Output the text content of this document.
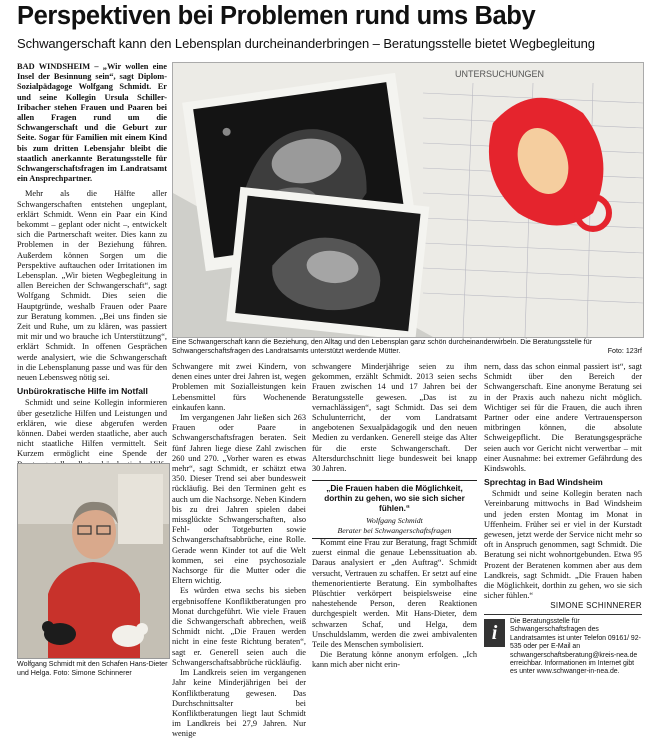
Perspektiven bei Problemen rund ums Baby
Schwangerschaft kann den Lebensplan durcheinanderbringen – Beratungsstelle bietet Wegbegleitung

BAD WINDSHEIM – „Wir wollen eine Insel der Besinnung sein“, sagt Diplom-Sozialpädagoge Wolfgang Schmidt. Er und seine Kollegin Ursula Schiller-Iribacher stehen Frauen und Paaren bei allen Fragen rund um die Schwangerschaft und die Geburt zur Seite. Sogar für Familien mit einem Kind bis zum dritten Lebensjahr bleibt die staatlich anerkannte Beratungsstelle für Schwangerschaftsfragen im Landratsamt ein Ansprechpartner.

Mehr als die Hälfte aller Schwangerschaften entstehen ungeplant, erklärt Schmidt. Wenn ein Paar ein Kind bekommt – geplant oder nicht –, entwickelt sich die Partnerschaft weiter. Dies kann zu Problemen in der Beziehung führen. Außerdem können Sorgen um die Perspektive auftauchen oder Irritationen im Lebensplan. „Wir bieten Wegbegleitung in allen Bereichen der Schwangerschaft“, sagt Wolfgang Schmidt. Dies seien die Hauptgründe, weshalb Frauen oder Paare zur Beratung kommen. „Bei uns finden sie Zeit und Ruhe, um zu klären, was passiert mit mir und wo brauche ich Unterstützung“, erklärt Schmidt. In offenen Gesprächen werde analysiert, wie die Schwangerschaft in die Lebensplanung passe und was für den neuen Lebensweg nötig sei.

Unbürokratische Hilfe im Notfall

Schmidt und seine Kollegin informieren über gesetzliche Hilfen und Leistungen und erklären, wie diese abgerufen werden können. Dabei werden staatliche, aber auch nicht staatliche Hilfen vermittelt. Seit Kurzem ermöglicht eine Spende der

UNTERSUCHUNGEN
Eine Schwangerschaft kann die Beziehung, den Alltag und den Lebensplan ganz schön durcheinanderwirbeln. Die Beratungsstelle für Schwangerschaftsfragen des Landratsamts unterstützt werdende Mütter.	Foto: 123rf

Schwangere mit zwei Kindern, von denen eines unter drei Jahren ist, wegen Problemen mit Sozialleistungen kein Lebensmittel fürs Wochenende einkaufen kann.

Im vergangenen Jahr ließen sich 263 Frauen oder Paare in Schwangerschaftsfragen beraten. Seit fünf Jahren liege diese Zahl zwischen 260 und 270. „Vorher waren es etwas mehr“, sagt Schmidt, er schätzt etwa 350. Dieser Trend sei aber bundesweit rückläufig. Bei den Terminen geht es auch um die Nachsorge. Neben Kindern bis zu drei Jahren spielen dabei missglückte Schwangerschaften, also Fehl- oder Totgeburten sowie Schwangerschaftsabbrüche, eine Rolle. Gerade wenn Kinder tot auf die Welt kommen, sei eine psychosoziale Nachsorge für die Mutter oder die Eltern wichtig.

Es würden etwa sechs bis sieben ergebnisoffene Konfliktberatungen pro Monat durchgeführt. Wie viele Frauen die Schwangerschaft abbrechen, weiß Schmidt nicht. „Die Frauen werden nicht in eine feste Richtung beraten“, sagt er. Generell seien auch die Schwangerschaftsabbrüche rückläufig.

Im Landkreis seien im vergangenen Jahr keine Minderjährigen bei der Konfliktberatung gewesen. Das Durchschnittsalter bei Konfliktberatungen liegt laut Schmidt im Landkreis bei 27,9 Jahren. Nur wenige

schwangere Minderjährige seien zu ihm gekommen, erzählt Schmidt. 2013 seien sechs Frauen zwischen 14 und 17 Jahren bei der Beratungsstelle gewesen. „Das ist zu vernachlässigen“, sagt Schmidt. Das sei dem Schulunterricht, der vom Landratsamt angebotenen Sexualpädagogik und den neuen Medien zu verdanken. Generell steige das Alter für die erste Schwangerschaft. Der Altersdurchschnitt liege bundesweit bei knapp 30 Jahren.

„Die Frauen haben die Möglichkeit, dorthin zu gehen, wo sie sich sicher fühlen.“
Wolfgang Schmidt
Berater bei Schwangerschaftsfragen

Kommt eine Frau zur Beratung, fragt Schmidt zuerst einmal die genaue Lebenssituation ab. Daraus analysiert er „den Auftrag“. Schmidt versucht, Vertrauen zu schaffen. Er setzt auf eine themenorientierte Beratung. Ein symbolhaftes Plüschtier verkörpert beispielsweise eine nahestehende Person, deren Reaktionen durchgespielt werden. Mit Hans-Dieter, dem schwarzen Schaf, und Helga, dem Unschuldslamm, werden die zwei ambivalenten Teile des Menschen symbolisiert.

Die Beratung könne anonym erfolgen. „Ich kann mich aber nicht erin-

nern, dass das schon einmal passiert ist“, sagt Schmidt über den Bereich der Schwangerschaft. Eine anonyme Beratung sei in der Praxis auch nahezu nicht möglich. Wichtiger sei für die Frauen, die auch ihren Partner oder eine andere Vertrauensperson mitbringen können, die absolute Schweigepflicht. Die Beratungsgespräche seien auch vor Gericht nicht verwertbar – mit einer Ausnahme: bei extremer Gefährdung des Kindswohls.

Sprechtag in Bad Windsheim

Schmidt und seine Kollegin beraten nach Vereinbarung mittwochs in Bad Windsheim und jeden ersten Montag im Monat in Uffenheim. Früher sei er viel in der Kurstadt gewesen, jetzt werde der Service nicht mehr so oft in Anspruch genommen, sagt Schmidt. Die Beratung sei nicht wohnortgebunden. Etwa 95 Prozent der Beratenen kommen aber aus dem Landkreis, sagt Schmidt. „Die Frauen haben die Möglichkeit, dorthin zu gehen, wo sie sich sicher fühlen.“

SIMONE SCHINNERER
Wolfgang Schmidt mit den Schafen Hans-Dieter und Helga. Foto: Simone Schinnerer
i
Die Beratungsstelle für Schwangerschaftsfragen des Landratsamtes ist unter Telefon 09161/ 92-535 oder per E-Mail an schwangerschaftsberatung@kreis-nea.de erreichbar. Informationen im Internet gibt es unter www.schwanger-in-nea.de.
